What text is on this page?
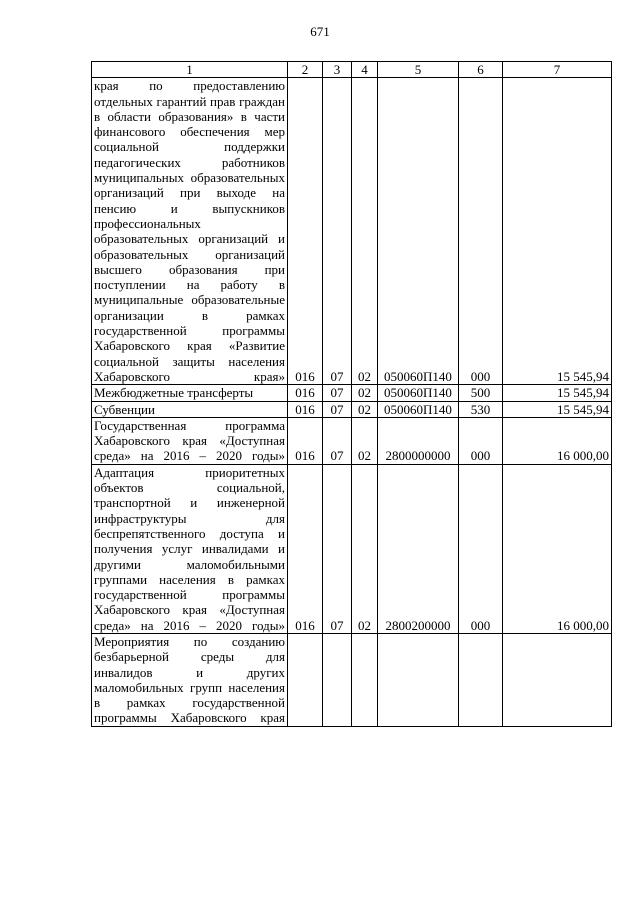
671
1	2	3	4	5	6	7
края по предоставлению отдельных гарантий прав граждан в области образования» в части финансового обеспечения мер социальной поддержки педагогических работников муниципальных образовательных организаций при выходе на пенсию и выпускников профессиональных образовательных организаций и образовательных организаций высшего образования при поступлении на работу в муниципальные образовательные организации в рамках государственной программы Хабаровского края «Развитие социальной защиты населения Хабаровского края»	016	07	02	050060П140	000	15 545,94
Межбюджетные трансферты	016	07	02	050060П140	500	15 545,94
Субвенции	016	07	02	050060П140	530	15 545,94
Государственная программа Хабаровского края «Доступная среда» на 2016 – 2020 годы»	016	07	02	2800000000	000	16 000,00
Адаптация приоритетных объектов социальной, транспортной и инженерной инфраструктуры для беспрепятственного доступа и получения услуг инвалидами и другими маломобильными группами населения в рамках государственной программы Хабаровского края «Доступная среда» на 2016 – 2020 годы»	016	07	02	2800200000	000	16 000,00
Мероприятия по созданию безбарьерной среды для инвалидов и других маломобильных групп населения в рамках государственной программы Хабаровского края						
